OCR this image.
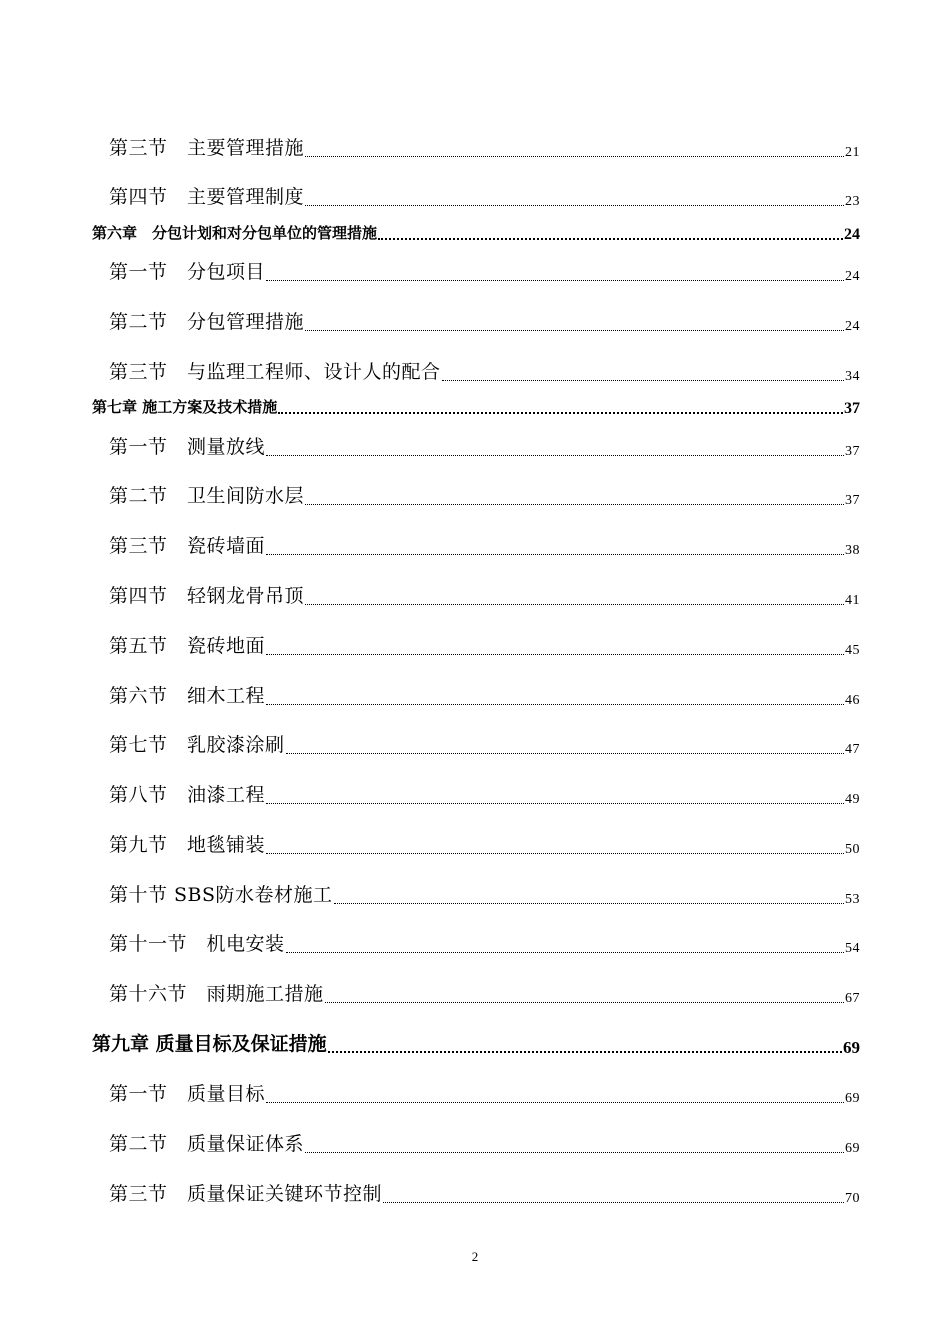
第三节　主要管理措施	21
第四节　主要管理制度	23
第六章　分包计划和对分包单位的管理措施	24
第一节　分包项目	24
第二节　分包管理措施	24
第三节　与监理工程师、设计人的配合	34
第七章 施工方案及技术措施	37
第一节　测量放线	37
第二节　卫生间防水层	37
第三节　瓷砖墙面	38
第四节　轻钢龙骨吊顶	41
第五节　瓷砖地面	45
第六节　细木工程	46
第七节　乳胶漆涂刷	47
第八节　油漆工程	49
第九节　地毯铺装	50
第十节 SBS防水卷材施工	53
第十一节　机电安装	54
第十六节　雨期施工措施	67
第九章 质量目标及保证措施	69
第一节　质量目标	69
第二节　质量保证体系	69
第三节　质量保证关键环节控制	70
2
